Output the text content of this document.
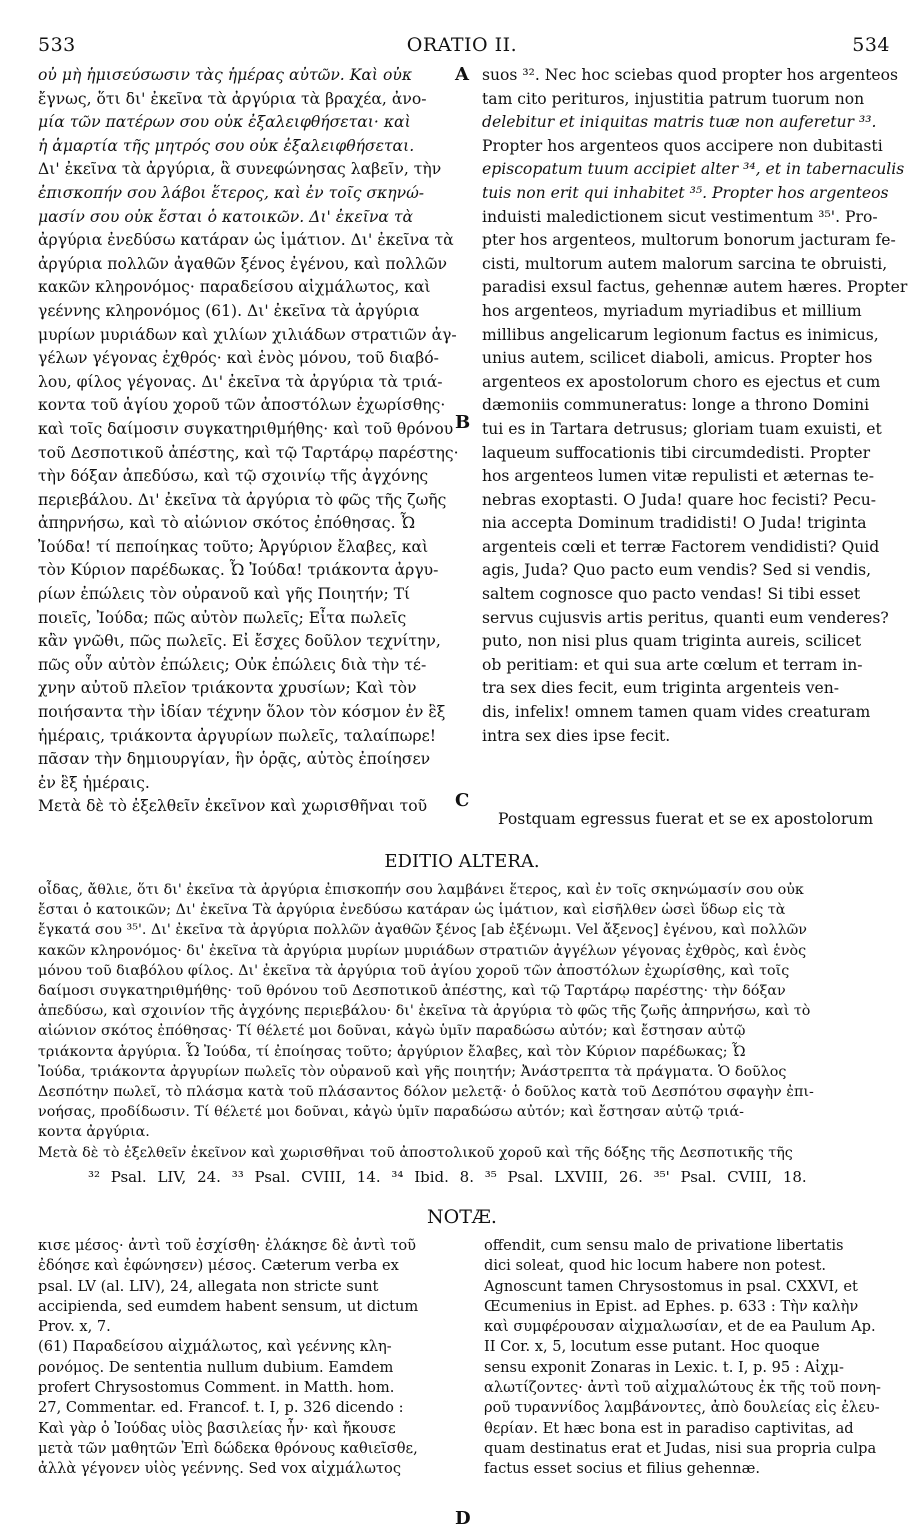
533	ORATIO II.	534
A
B
C
D

οὐ μὴ ἡμισεύσωσιν τὰς ἡμέρας αὐτῶν. Καὶ οὐκ

ἔγνως, ὅτι δι' ἐκεῖνα τὰ ἀργύρια τὰ βραχέα, ἀνο-

μία τῶν πατέρων σου οὐκ ἐξαλειφθήσεται· καὶ

ἡ ἁμαρτία τῆς μητρός σου οὐκ ἐξαλειφθήσεται.

Δι' ἐκεῖνα τὰ ἀργύρια, ἃ συνεφώνησας λαβεῖν, τὴν

ἐπισκοπήν σου λάβοι ἕτερος, καὶ ἐν τοῖς σκηνώ-

μασίν σου οὐκ ἔσται ὁ κατοικῶν. Δι' ἐκεῖνα τὰ

ἀργύρια ἐνεδύσω κατάραν ὡς ἱμάτιον. Δι' ἐκεῖνα τὰ

ἀργύρια πολλῶν ἀγαθῶν ξένος ἐγένου, καὶ πολλῶν

κακῶν κληρονόμος· παραδείσου αἰχμάλωτος, καὶ

γεέννης κληρονόμος (61). Δι' ἐκεῖνα τὰ ἀργύρια

μυρίων μυριάδων καὶ χιλίων χιλιάδων στρατιῶν ἀγ-

γέλων γέγονας ἐχθρός· καὶ ἑνὸς μόνου, τοῦ διαβό-

λου, φίλος γέγονας. Δι' ἐκεῖνα τὰ ἀργύρια τὰ τριά-

κοντα τοῦ ἁγίου χοροῦ τῶν ἀποστόλων ἐχωρίσθης·

καὶ τοῖς δαίμοσιν συγκατηριθμήθης· καὶ τοῦ θρόνου

τοῦ Δεσποτικοῦ ἀπέστης, καὶ τῷ Ταρτάρῳ παρέστης·

τὴν δόξαν ἀπεδύσω, καὶ τῷ σχοινίῳ τῆς ἀγχόνης

περιεβάλου. Δι' ἐκεῖνα τὰ ἀργύρια τὸ φῶς τῆς ζωῆς

ἀπηρνήσω, καὶ τὸ αἰώνιον σκότος ἐπόθησας. Ὦ

Ἰούδα! τί πεποίηκας τοῦτο; Ἀργύριον ἔλαβες, καὶ

τὸν Κύριον παρέδωκας. Ὦ Ἰούδα! τριάκοντα ἀργυ-

ρίων ἐπώλεις τὸν οὐρανοῦ καὶ γῆς Ποιητήν; Τί

ποιεῖς, Ἰούδα; πῶς αὐτὸν πωλεῖς; Εἶτα πωλεῖς

κἂν γνῶθι, πῶς πωλεῖς. Εἰ ἔσχες δοῦλον τεχνίτην,

πῶς οὖν αὐτὸν ἐπώλεις; Οὐκ ἐπώλεις διὰ τὴν τέ-

χνην αὐτοῦ πλεῖον τριάκοντα χρυσίων; Καὶ τὸν

ποιήσαντα τὴν ἰδίαν τέχνην ὅλον τὸν κόσμον ἐν ἓξ

ἡμέραις, τριάκοντα ἀργυρίων πωλεῖς, ταλαίπωρε!

πᾶσαν τὴν δημιουργίαν, ἣν ὁρᾷς, αὐτὸς ἐποίησεν

ἐν ἓξ ἡμέραις.

Μετὰ δὲ τὸ ἐξελθεῖν ἐκεῖνον καὶ χωρισθῆναι τοῦ

suos ³². Nec hoc sciebas quod propter hos argenteos

tam cito perituros, injustitia patrum tuorum non

delebitur et iniquitas matris tuæ non auferetur ³³.

Propter hos argenteos quos accipere non dubitasti

episcopatum tuum accipiet alter ³⁴, et in tabernaculis

tuis non erit qui inhabitet ³⁵. Propter hos argenteos

induisti maledictionem sicut vestimentum ³⁵'. Pro-

pter hos argenteos, multorum bonorum jacturam fe-

cisti, multorum autem malorum sarcina te obruisti,

paradisi exsul factus, gehennæ autem hæres. Propter

hos argenteos, myriadum myriadibus et millium

millibus angelicarum legionum factus es inimicus,

unius autem, scilicet diaboli, amicus. Propter hos

argenteos ex apostolorum choro es ejectus et cum

dæmoniis communeratus: longe a throno Domini

tui es in Tartara detrusus; gloriam tuam exuisti, et

laqueum suffocationis tibi circumdedisti. Propter

hos argenteos lumen vitæ repulisti et æternas te-

nebras exoptasti. O Juda! quare hoc fecisti? Pecu-

nia accepta Dominum tradidisti! O Juda! triginta

argenteis cœli et terræ Factorem vendidisti? Quid

agis, Juda? Quo pacto eum vendis? Sed si vendis,

saltem cognosce quo pacto vendas! Si tibi esset

servus cujusvis artis peritus, quanti eum venderes?

puto, non nisi plus quam triginta aureis, scilicet

ob peritiam: et qui sua arte cœlum et terram in-

tra sex dies fecit, eum triginta argenteis ven-

dis, infelix! omnem tamen quam vides creaturam

intra sex dies ipse fecit.

Postquam egressus fuerat et se ex apostolorum

EDITIO ALTERA.

οἶδας, ἄθλιε, ὅτι δι' ἐκεῖνα τὰ ἀργύρια ἐπισκοπήν σου λαμβάνει ἕτερος, καὶ ἐν τοῖς σκηνώμασίν σου οὐκ

ἔσται ὁ κατοικῶν; Δι' ἐκεῖνα Τὰ ἀργύρια ἐνεδύσω κατάραν ὡς ἱμάτιον, καὶ εἰσῆλθεν ὡσεὶ ὕδωρ εἰς τὰ

ἔγκατά σου ³⁵'. Δι' ἐκεῖνα τὰ ἀργύρια πολλῶν ἀγαθῶν ξένος [ab ἐξένωμι. Vel ἄξενος] ἐγένου, καὶ πολλῶν

κακῶν κληρονόμος· δι' ἐκεῖνα τὰ ἀργύρια μυρίων μυριάδων στρατιῶν ἀγγέλων γέγονας ἐχθρὸς, καὶ ἑνὸς

μόνου τοῦ διαβόλου φίλος. Δι' ἐκεῖνα τὰ ἀργύρια τοῦ ἁγίου χοροῦ τῶν ἀποστόλων ἐχωρίσθης, καὶ τοῖς

δαίμοσι συγκατηριθμήθης· τοῦ θρόνου τοῦ Δεσποτικοῦ ἀπέστης, καὶ τῷ Ταρτάρῳ παρέστης· τὴν δόξαν

ἀπεδύσω, καὶ σχοινίον τῆς ἀγχόνης περιεβάλου· δι' ἐκεῖνα τὰ ἀργύρια τὸ φῶς τῆς ζωῆς ἀπηρνήσω, καὶ τὸ

αἰώνιον σκότος ἐπόθησας· Τί θέλετέ μοι δοῦναι, κἀγὼ ὑμῖν παραδώσω αὐτόν; καὶ ἔστησαν αὐτῷ

τριάκοντα ἀργύρια. Ὦ Ἰούδα, τί ἐποίησας τοῦτο; ἀργύριον ἔλαβες, καὶ τὸν Κύριον παρέδωκας; Ὦ

Ἰούδα, τριάκοντα ἀργυρίων πωλεῖς τὸν οὐρανοῦ καὶ γῆς ποιητήν; Ἀνάστρεπτα τὰ πράγματα. Ὁ δοῦλος

Δεσπότην πωλεῖ, τὸ πλάσμα κατὰ τοῦ πλάσαντος δόλον μελετᾷ· ὁ δοῦλος κατὰ τοῦ Δεσπότου σφαγὴν ἐπι-

νοήσας, προδίδωσιν. Τί θέλετέ μοι δοῦναι, κἀγὼ ὑμῖν παραδώσω αὐτόν; καὶ ἔστησαν αὐτῷ τριά-

κοντα ἀργύρια.

Μετὰ δὲ τὸ ἐξελθεῖν ἐκεῖνον καὶ χωρισθῆναι τοῦ ἀποστολικοῦ χοροῦ καὶ τῆς δόξης τῆς Δεσποτικῆς τῆς

³² Psal. LIV, 24. ³³ Psal. CVIII, 14. ³⁴ Ibid. 8. ³⁵ Psal. LXVIII, 26. ³⁵' Psal. CVIII, 18.
NOTÆ.

κισε μέσος· ἀντὶ τοῦ ἐσχίσθη· ἐλάκησε δὲ ἀντὶ τοῦ

ἐδόησε καὶ ἐφώνησεν) μέσος. Cæterum verba ex

psal. LV (al. LIV), 24, allegata non stricte sunt

accipienda, sed eumdem habent sensum, ut dictum

Prov. x, 7.

(61) Παραδείσου αἰχμάλωτος, καὶ γεέννης κλη-

ρονόμος. De sententia nullum dubium. Eamdem

profert Chrysostomus Comment. in Matth. hom.

27, Commentar. ed. Francof. t. I, p. 326 dicendo :

Καὶ γὰρ ὁ Ἰούδας υἱὸς βασιλείας ἦν· καὶ ἤκουσε

μετὰ τῶν μαθητῶν Ἐπὶ δώδεκα θρόνους καθιεῖσθε,

ἀλλὰ γέγονεν υἱὸς γεέννης. Sed vox αἰχμάλωτος

offendit, cum sensu malo de privatione libertatis

dici soleat, quod hic locum habere non potest.

Agnoscunt tamen Chrysostomus in psal. CXXVI, et

Œcumenius in Epist. ad Ephes. p. 633 : Τὴν καλὴν

καὶ συμφέρουσαν αἰχμαλωσίαν, et de ea Paulum Ap.

II Cor. x, 5, locutum esse putant. Hoc quoque

sensu exponit Zonaras in Lexic. t. I, p. 95 : Αἰχμ-

αλωτίζοντες· ἀντὶ τοῦ αἰχμαλώτους ἐκ τῆς τοῦ πονη-

ροῦ τυραννίδος λαμβάνοντες, ἀπὸ δουλείας εἰς ἐλευ-

θερίαν. Et hæc bona est in paradiso captivitas, ad

quam destinatus erat et Judas, nisi sua propria culpa

factus esset socius et filius gehennæ.
